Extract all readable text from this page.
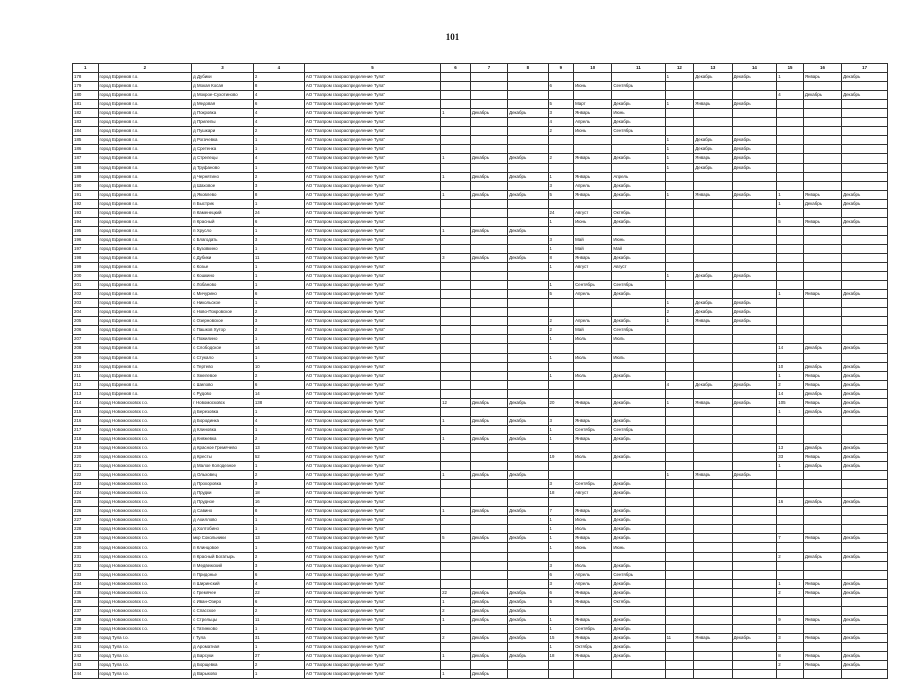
101
1	2	3	4	5	6	7	8	9	10	11	12	13	14	15	16	17
178	город Ефремов г.о.	д Дубики	2	АО "Газпром газораспределение Тула"							1	Декабрь	Декабрь	1	Январь	Декабрь
179	город Ефремов г.о.	д Мокая Косая	8	АО "Газпром газораспределение Тула"				6	Июнь	Сентябрь						
180	город Ефремов г.о.	д Мокрое-Сухотиново	4	АО "Газпром газораспределение Тула"										4	Декабрь	Декабрь
181	город Ефремов г.о.	д Медовая	6	АО "Газпром газораспределение Тула"				5	Март	Декабрь	1	Январь	Декабрь			
182	город Ефремов г.о.	д Покровка	4	АО "Газпром газораспределение Тула"	1	Декабрь	Декабрь	3	Январь	Июнь						
183	город Ефремов г.о.	д Прилепы	4	АО "Газпром газораспределение Тула"				4	Апрель	Декабрь						
184	город Ефремов г.о.	д Пушкари	2	АО "Газпром газораспределение Тула"				2	Июнь	Сентябрь						
185	город Ефремов г.о.	д Рогачевка	1	АО "Газпром газораспределение Тула"							1	Декабрь	Декабрь			
186	город Ефремов г.о.	д Сретенка	1	АО "Газпром газораспределение Тула"							1	Декабрь	Декабрь			
187	город Ефремов г.о.	д Стрелецы	4	АО "Газпром газораспределение Тула"	1	Декабрь	Декабрь	2	Январь	Декабрь	1	Январь	Декабрь			
188	город Ефремов г.о.	д Труфаново	1	АО "Газпром газораспределение Тула"							1	Декабрь	Декабрь			
189	город Ефремов г.о.	д Чернятино	2	АО "Газпром газораспределение Тула"	1	Декабрь	Декабрь	1	Январь	Апрель						
190	город Ефремов г.о.	д Шаховое	3	АО "Газпром газораспределение Тула"				3	Апрель	Декабрь						
191	город Ефремов г.о.	д Яковлево	8	АО "Газпром газораспределение Тула"	1	Декабрь	Декабрь	5	Январь	Декабрь	1	Январь	Декабрь	1	Январь	Декабрь
192	город Ефремов г.о.	п Быстрик	1	АО "Газпром газораспределение Тула"										1	Декабрь	Декабрь
193	город Ефремов г.о.	п Каменецкий	24	АО "Газпром газораспределение Тула"				24	Август	Октябрь						
194	город Ефремов г.о.	п Красный	6	АО "Газпром газораспределение Тула"				1	Июнь	Декабрь				5	Январь	Декабрь
195	город Ефремов г.о.	п Хрусло	1	АО "Газпром газораспределение Тула"	1	Декабрь	Декабрь									
196	город Ефремов г.о.	с Благодать	3	АО "Газпром газораспределение Тула"				3	Май	Июнь						
197	город Ефремов г.о.	с Бузовкино	1	АО "Газпром газораспределение Тула"				1	Май	Май						
198	город Ефремов г.о.	с Дубики	11	АО "Газпром газораспределение Тула"	3	Декабрь	Декабрь	8	Январь	Декабрь						
199	город Ефремов г.о.	с Козье	1	АО "Газпром газораспределение Тула"				1	Август	Август						
200	город Ефремов г.о.	с Кошкино	1	АО "Газпром газораспределение Тула"							1	Декабрь	Декабрь			
201	город Ефремов г.о.	с Лобаново	1	АО "Газпром газораспределение Тула"				1	Сентябрь	Сентябрь						
202	город Ефремов г.о.	с Мичурино	6	АО "Газпром газораспределение Тула"				5	Апрель	Декабрь				1	Январь	Декабрь
203	город Ефремов г.о.	с Никольское	1	АО "Газпром газораспределение Тула"							1	Декабрь	Декабрь			
204	город Ефремов г.о.	с Ново-Покровское	2	АО "Газпром газораспределение Тула"							2	Декабрь	Декабрь			
205	город Ефремов г.о.	с Озерновское	3	АО "Газпром газораспределение Тула"				2	Апрель	Декабрь	1	Январь	Декабрь			
206	город Ефремов г.о.	с Пашков Хутор	2	АО "Газпром газораспределение Тула"				2	Май	Сентябрь						
207	город Ефремов г.о.	с Пожилино	1	АО "Газпром газораспределение Тула"				1	Июль	Июль						
208	город Ефремов г.о.	с Слободское	14	АО "Газпром газораспределение Тула"										14	Декабрь	Декабрь
209	город Ефремов г.о.	с Стукало	1	АО "Газпром газораспределение Тула"				1	Июль	Июль						
210	город Ефремов г.о.	с Тертево	10	АО "Газпром газораспределение Тула"										10	Декабрь	Декабрь
211	город Ефремов г.о.	с Хмелевое	2	АО "Газпром газораспределение Тула"				1	Июль	Декабрь				1	Январь	Декабрь
212	город Ефремов г.о.	с Шилово	6	АО "Газпром газораспределение Тула"							4	Декабрь	Декабрь	2	Январь	Декабрь
213	город Ефремов г.о.	с Рудово	14	АО "Газпром газораспределение Тула"										14	Декабрь	Декабрь
214	город Новомосковск г.о.	г Новомосковск	138	АО "Газпром газораспределение Тула"	12	Декабрь	Декабрь	20	Январь	Декабрь	1	Январь	Декабрь	105	Январь	Декабрь
215	город Новомосковск г.о.	д Березовка	1	АО "Газпром газораспределение Тула"										1	Декабрь	Декабрь
216	город Новомосковск г.о.	д Бородинка	4	АО "Газпром газораспределение Тула"	1	Декабрь	Декабрь	3	Январь	Декабрь						
217	город Новомосковск г.о.	д Клиновка	1	АО "Газпром газораспределение Тула"				1	Сентябрь	Сентябрь						
218	город Новомосковск г.о.	д Княжевка	2	АО "Газпром газораспределение Тула"	1	Декабрь	Декабрь	1	Январь	Декабрь						
219	город Новомосковск г.о.	д Красное Гремячево	13	АО "Газпром газораспределение Тула"										13	Декабрь	Декабрь
220	город Новомосковск г.о.	д Кресты	52	АО "Газпром газораспределение Тула"				19	Июль	Декабрь				33	Январь	Декабрь
221	город Новомосковск г.о.	д Малое Колодезное	1	АО "Газпром газораспределение Тула"										1	Декабрь	Декабрь
222	город Новомосковск г.о.	д Ольховец	2	АО "Газпром газораспределение Тула"	1	Декабрь	Декабрь				1	Январь	Декабрь			
223	город Новомосковск г.о.	д Прохоровка	3	АО "Газпром газораспределение Тула"				3	Сентябрь	Декабрь						
224	город Новомосковск г.о.	д Прудки	18	АО "Газпром газораспределение Тула"				18	Август	Декабрь						
225	город Новомосковск г.о.	д Прудное	16	АО "Газпром газораспределение Тула"										16	Декабрь	Декабрь
226	город Новомосковск г.о.	д Савино	8	АО "Газпром газораспределение Тула"	1	Декабрь	Декабрь	7	Январь	Декабрь						
227	город Новомосковск г.о.	д Ахиллово	1	АО "Газпром газораспределение Тула"				1	Июнь	Декабрь						
228	город Новомосковск г.о.	д Холтобино	1	АО "Газпром газораспределение Тула"				1	Июль	Декабрь						
229	город Новомосковск г.о.	мкр Сокольники	13	АО "Газпром газораспределение Тула"	5	Декабрь	Декабрь	1	Январь	Декабрь				7	Январь	Декабрь
230	город Новомосковск г.о.	п Клинцовое	1	АО "Газпром газораспределение Тула"				1	Июнь	Июнь						
231	город Новомосковск г.о.	п Красный Богатырь	2	АО "Газпром газораспределение Тула"										2	Декабрь	Декабрь
232	город Новомосковск г.о.	п Медвежский	3	АО "Газпром газораспределение Тула"				3	Июль	Декабрь						
233	город Новомосковск г.о.	п Придонье	6	АО "Газпром газораспределение Тула"				6	Апрель	Сентябрь						
234	город Новомосковск г.о.	п Ширинский	4	АО "Газпром газораспределение Тула"				3	Апрель	Декабрь				1	Январь	Декабрь
235	город Новомосковск г.о.	с Гремячее	22	АО "Газпром газораспределение Тула"	22	Декабрь	Декабрь	6	Январь	Декабрь				2	Январь	Декабрь
236	город Новомосковск г.о.	с Иван-Озеро	6	АО "Газпром газораспределение Тула"	1	Декабрь	Декабрь	5	Январь	Октябрь						
237	город Новомосковск г.о.	с Спасское	2	АО "Газпром газораспределение Тула"	2	Декабрь	Декабрь									
238	город Новомосковск г.о.	с Стрельцы	11	АО "Газпром газораспределение Тула"	1	Декабрь	Декабрь	1	Январь	Декабрь				9	Январь	Декабрь
239	город Новомосковск г.о.	с Татинково	1	АО "Газпром газораспределение Тула"				1	Сентябрь	Декабрь						
240	город Тула г.о.	г Тула	31	АО "Газпром газораспределение Тула"	2	Декабрь	Декабрь	15	Январь	Декабрь	11	Январь	Декабрь	3	Январь	Декабрь
241	город Тула г.о.	д Ароматная	1	АО "Газпром газораспределение Тула"				1	Октябрь	Декабрь						
242	город Тула г.о.	д Барсуки	27	АО "Газпром газораспределение Тула"	1	Декабрь	Декабрь	18	Январь	Декабрь				8	Январь	Декабрь
243	город Тула г.о.	д Борщевка	2	АО "Газпром газораспределение Тула"										2	Январь	Декабрь
244	город Тула г.о.	д Варыково	1	АО "Газпром газораспределение Тула"	1	Декабрь										
